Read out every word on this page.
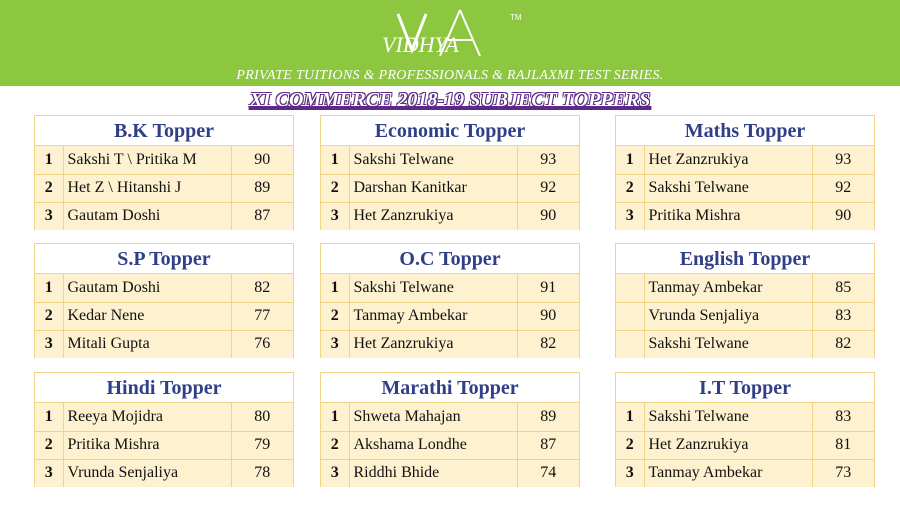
TM
VIDHYA
PRIVATE TUITIONS & PROFESSIONALS & RAJLAXMI TEST SERIES.
XI COMMERCE 2018-19 SUBJECT TOPPERS
B.K Topper
1	Sakshi T \ Pritika M	90
2	Het Z \ Hitanshi J	89
3	Gautam Doshi	87
Economic Topper
1	Sakshi Telwane	93
2	Darshan Kanitkar	92
3	Het Zanzrukiya	90
Maths Topper
1	Het Zanzrukiya	93
2	Sakshi Telwane	92
3	Pritika Mishra	90
S.P Topper
1	Gautam Doshi	82
2	Kedar Nene	77
3	Mitali Gupta	76
O.C Topper
1	Sakshi Telwane	91
2	Tanmay Ambekar	90
3	Het Zanzrukiya	82
English Topper
	Tanmay Ambekar	85
	Vrunda Senjaliya	83
	Sakshi Telwane	82
Hindi Topper
1	Reeya Mojidra	80
2	Pritika Mishra	79
3	Vrunda Senjaliya	78
Marathi Topper
1	Shweta Mahajan	89
2	Akshama Londhe	87
3	Riddhi Bhide	74
I.T Topper
1	Sakshi Telwane	83
2	Het Zanzrukiya	81
3	Tanmay Ambekar	73
